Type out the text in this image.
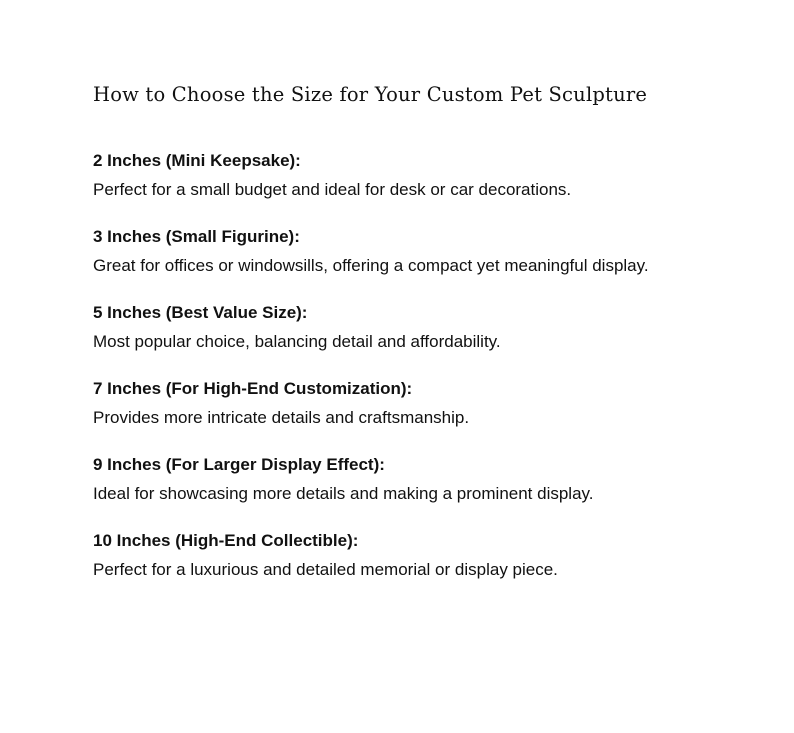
How to Choose the Size for Your Custom Pet Sculpture
2 Inches (Mini Keepsake):
Perfect for a small budget and ideal for desk or car decorations.
3 Inches (Small Figurine):
Great for offices or windowsills, offering a compact yet meaningful display.
5 Inches (Best Value Size):
Most popular choice, balancing detail and affordability.
7 Inches (For High-End Customization):
Provides more intricate details and craftsmanship.
9 Inches (For Larger Display Effect):
Ideal for showcasing more details and making a prominent display.
10 Inches (High-End Collectible):
Perfect for a luxurious and detailed memorial or display piece.
